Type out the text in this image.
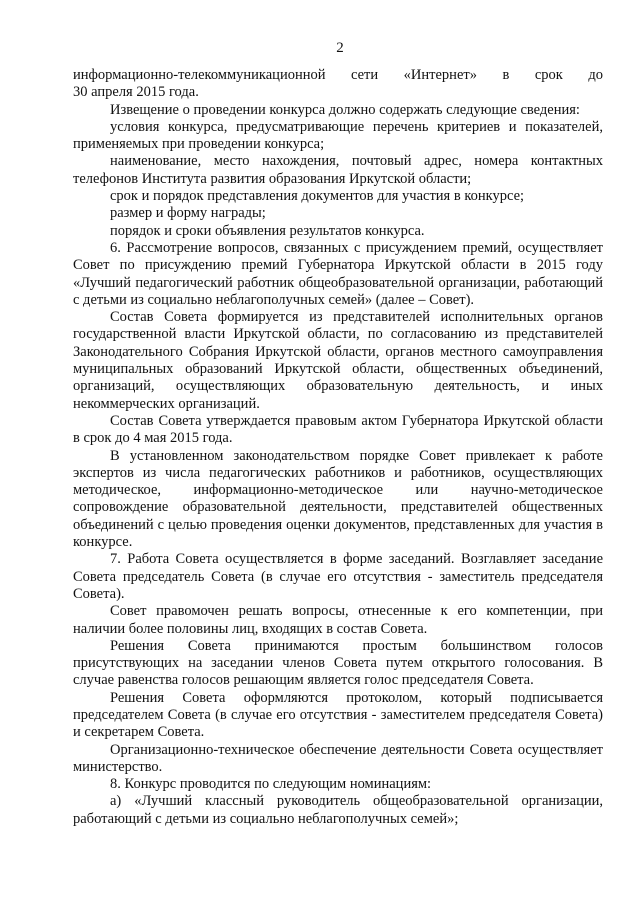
2

информационно-телекоммуникационной сети «Интернет» в срок до

30 апреля 2015 года.

Извещение о проведении конкурса должно содержать следующие сведения:

условия конкурса, предусматривающие перечень критериев и показателей, применяемых при проведении конкурса;

наименование, место нахождения, почтовый адрес, номера контактных телефонов Института развития образования Иркутской области;

срок и порядок представления документов для участия в конкурсе;

размер и форму награды;

порядок и сроки объявления результатов конкурса.

6. Рассмотрение вопросов, связанных с присуждением премий, осуществляет Совет по присуждению премий Губернатора Иркутской области в 2015 году «Лучший педагогический работник общеобразовательной организации, работающий с детьми из социально неблагополучных семей» (далее – Совет).

Состав Совета формируется из представителей исполнительных органов государственной власти Иркутской области, по согласованию из представителей Законодательного Собрания Иркутской области, органов местного самоуправления муниципальных образований Иркутской области, общественных объединений, организаций, осуществляющих образовательную деятельность, и иных некоммерческих организаций.

Состав Совета утверждается правовым актом Губернатора Иркутской области в срок до 4 мая 2015 года.

В установленном законодательством порядке Совет привлекает к работе экспертов из числа педагогических работников и работников, осуществляющих методическое, информационно-методическое или научно-методическое сопровождение образовательной деятельности, представителей общественных объединений с целью проведения оценки документов, представленных для участия в конкурсе.

7. Работа Совета осуществляется в форме заседаний. Возглавляет заседание Совета председатель Совета (в случае его отсутствия - заместитель председателя Совета).

Совет правомочен решать вопросы, отнесенные к его компетенции, при наличии более половины лиц, входящих в состав Совета.

Решения Совета принимаются простым большинством голосов присутствующих на заседании членов Совета путем открытого голосования. В случае равенства голосов решающим является голос председателя Совета.

Решения Совета оформляются протоколом, который подписывается председателем Совета (в случае его отсутствия - заместителем председателя Совета) и секретарем Совета.

Организационно-техническое обеспечение деятельности Совета осуществляет министерство.

8. Конкурс проводится по следующим номинациям:

а) «Лучший классный руководитель общеобразовательной организации, работающий с детьми из социально неблагополучных семей»;
